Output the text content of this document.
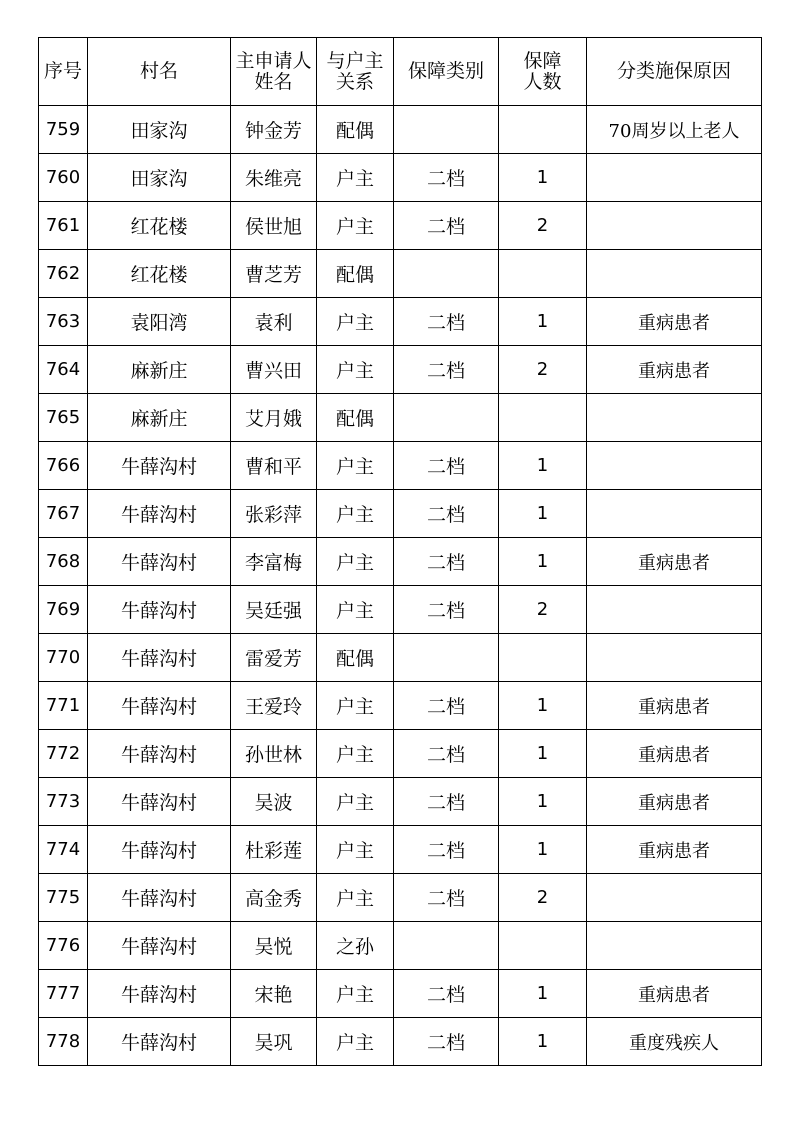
序号	村名	主申请人姓名	与户主关系	保障类别	保障人数	分类施保原因
759	田家沟	钟金芳	配偶			70周岁以上老人
760	田家沟	朱维亮	户主	二档	1	
761	红花楼	侯世旭	户主	二档	2	
762	红花楼	曹芝芳	配偶			
763	袁阳湾	袁利	户主	二档	1	重病患者
764	麻新庄	曹兴田	户主	二档	2	重病患者
765	麻新庄	艾月娥	配偶			
766	牛薛沟村	曹和平	户主	二档	1	
767	牛薛沟村	张彩萍	户主	二档	1	
768	牛薛沟村	李富梅	户主	二档	1	重病患者
769	牛薛沟村	吴廷强	户主	二档	2	
770	牛薛沟村	雷爱芳	配偶			
771	牛薛沟村	王爱玲	户主	二档	1	重病患者
772	牛薛沟村	孙世林	户主	二档	1	重病患者
773	牛薛沟村	吴波	户主	二档	1	重病患者
774	牛薛沟村	杜彩莲	户主	二档	1	重病患者
775	牛薛沟村	高金秀	户主	二档	2	
776	牛薛沟村	吴悦	之孙			
777	牛薛沟村	宋艳	户主	二档	1	重病患者
778	牛薛沟村	吴巩	户主	二档	1	重度残疾人
